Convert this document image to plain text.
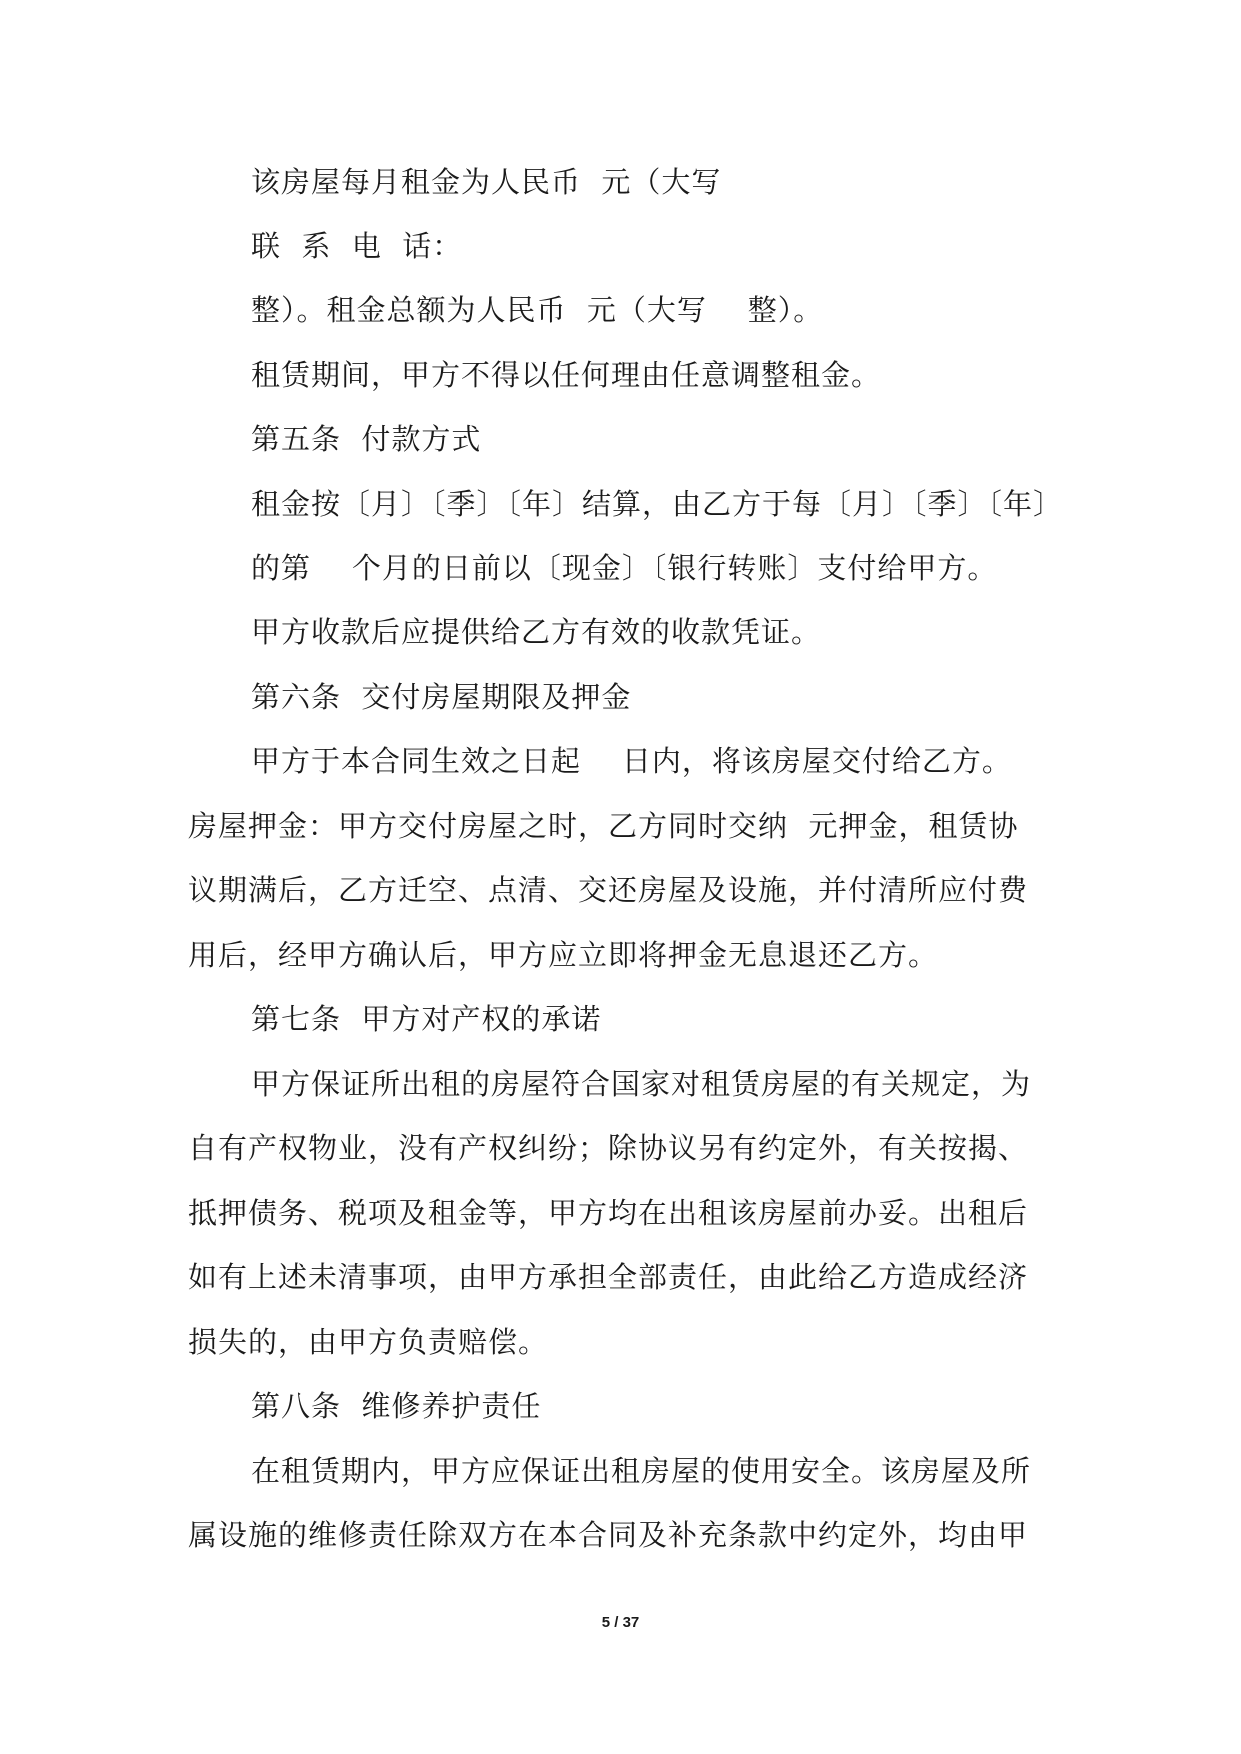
该房屋每月租金为人民币  元（大写
联  系  电  话：
整）。租金总额为人民币  元（大写    整）。
租赁期间，甲方不得以任何理由任意调整租金。
第五条  付款方式
租金按〔月〕〔季〕〔年〕结算，由乙方于每〔月〕〔季〕〔年〕
的第    个月的日前以〔现金〕〔银行转账〕支付给甲方。
甲方收款后应提供给乙方有效的收款凭证。
第六条  交付房屋期限及押金
甲方于本合同生效之日起    日内，将该房屋交付给乙方。
房屋押金：甲方交付房屋之时，乙方同时交纳  元押金，租赁协
议期满后，乙方迁空、点清、交还房屋及设施，并付清所应付费
用后，经甲方确认后，甲方应立即将押金无息退还乙方。
第七条  甲方对产权的承诺
甲方保证所出租的房屋符合国家对租赁房屋的有关规定，为
自有产权物业，没有产权纠纷；除协议另有约定外，有关按揭、
抵押债务、税项及租金等，甲方均在出租该房屋前办妥。出租后
如有上述未清事项，由甲方承担全部责任，由此给乙方造成经济
损失的，由甲方负责赔偿。
第八条  维修养护责任
在租赁期内，甲方应保证出租房屋的使用安全。该房屋及所
属设施的维修责任除双方在本合同及补充条款中约定外，均由甲
5 / 37
